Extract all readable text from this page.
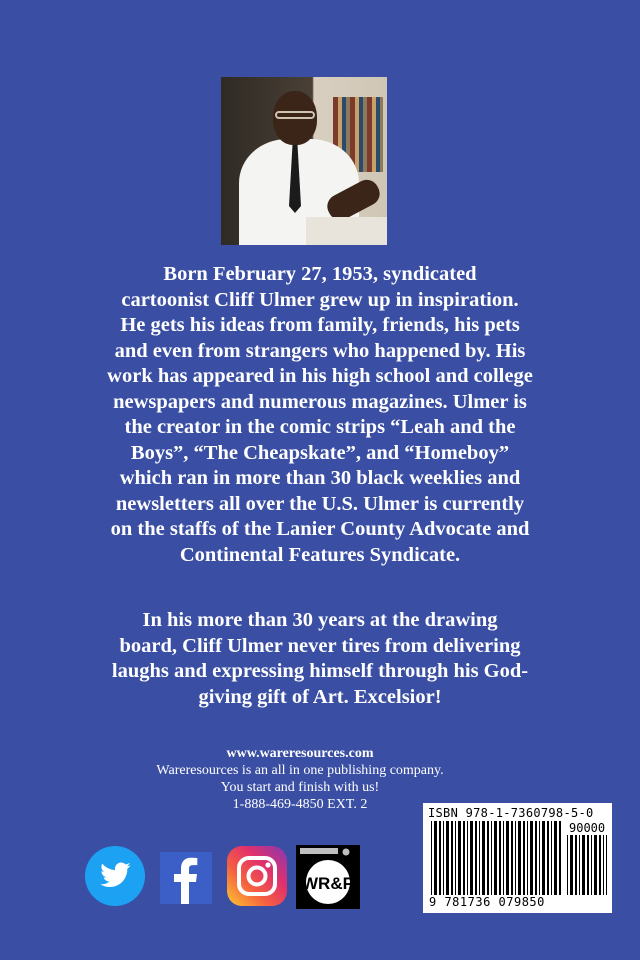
Born February 27, 1953, syndicated
cartoonist Cliff Ulmer grew up in inspiration.
He gets his ideas from family, friends, his pets
and even from strangers who happened by. His
work has appeared in his high school and college
newspapers and numerous magazines. Ulmer is
the creator in the comic strips “Leah and the
Boys”, “The Cheapskate”, and “Homeboy”
which ran in more than 30 black weeklies and
newsletters all over the U.S. Ulmer is currently
on the staffs of the Lanier County Advocate and
Continental Features Syndicate.

In his more than 30 years at the drawing
board, Cliff Ulmer never tires from delivering
laughs and expressing himself through his God-
giving gift of Art. Excelsior!

www.wareresources.com
Wareresources is an all in one publishing company.
You start and finish with us!
1-888-469-4850 EXT. 2
ISBN 978-1-7360798-5-0
90000
9 781736 079850
WR&P
